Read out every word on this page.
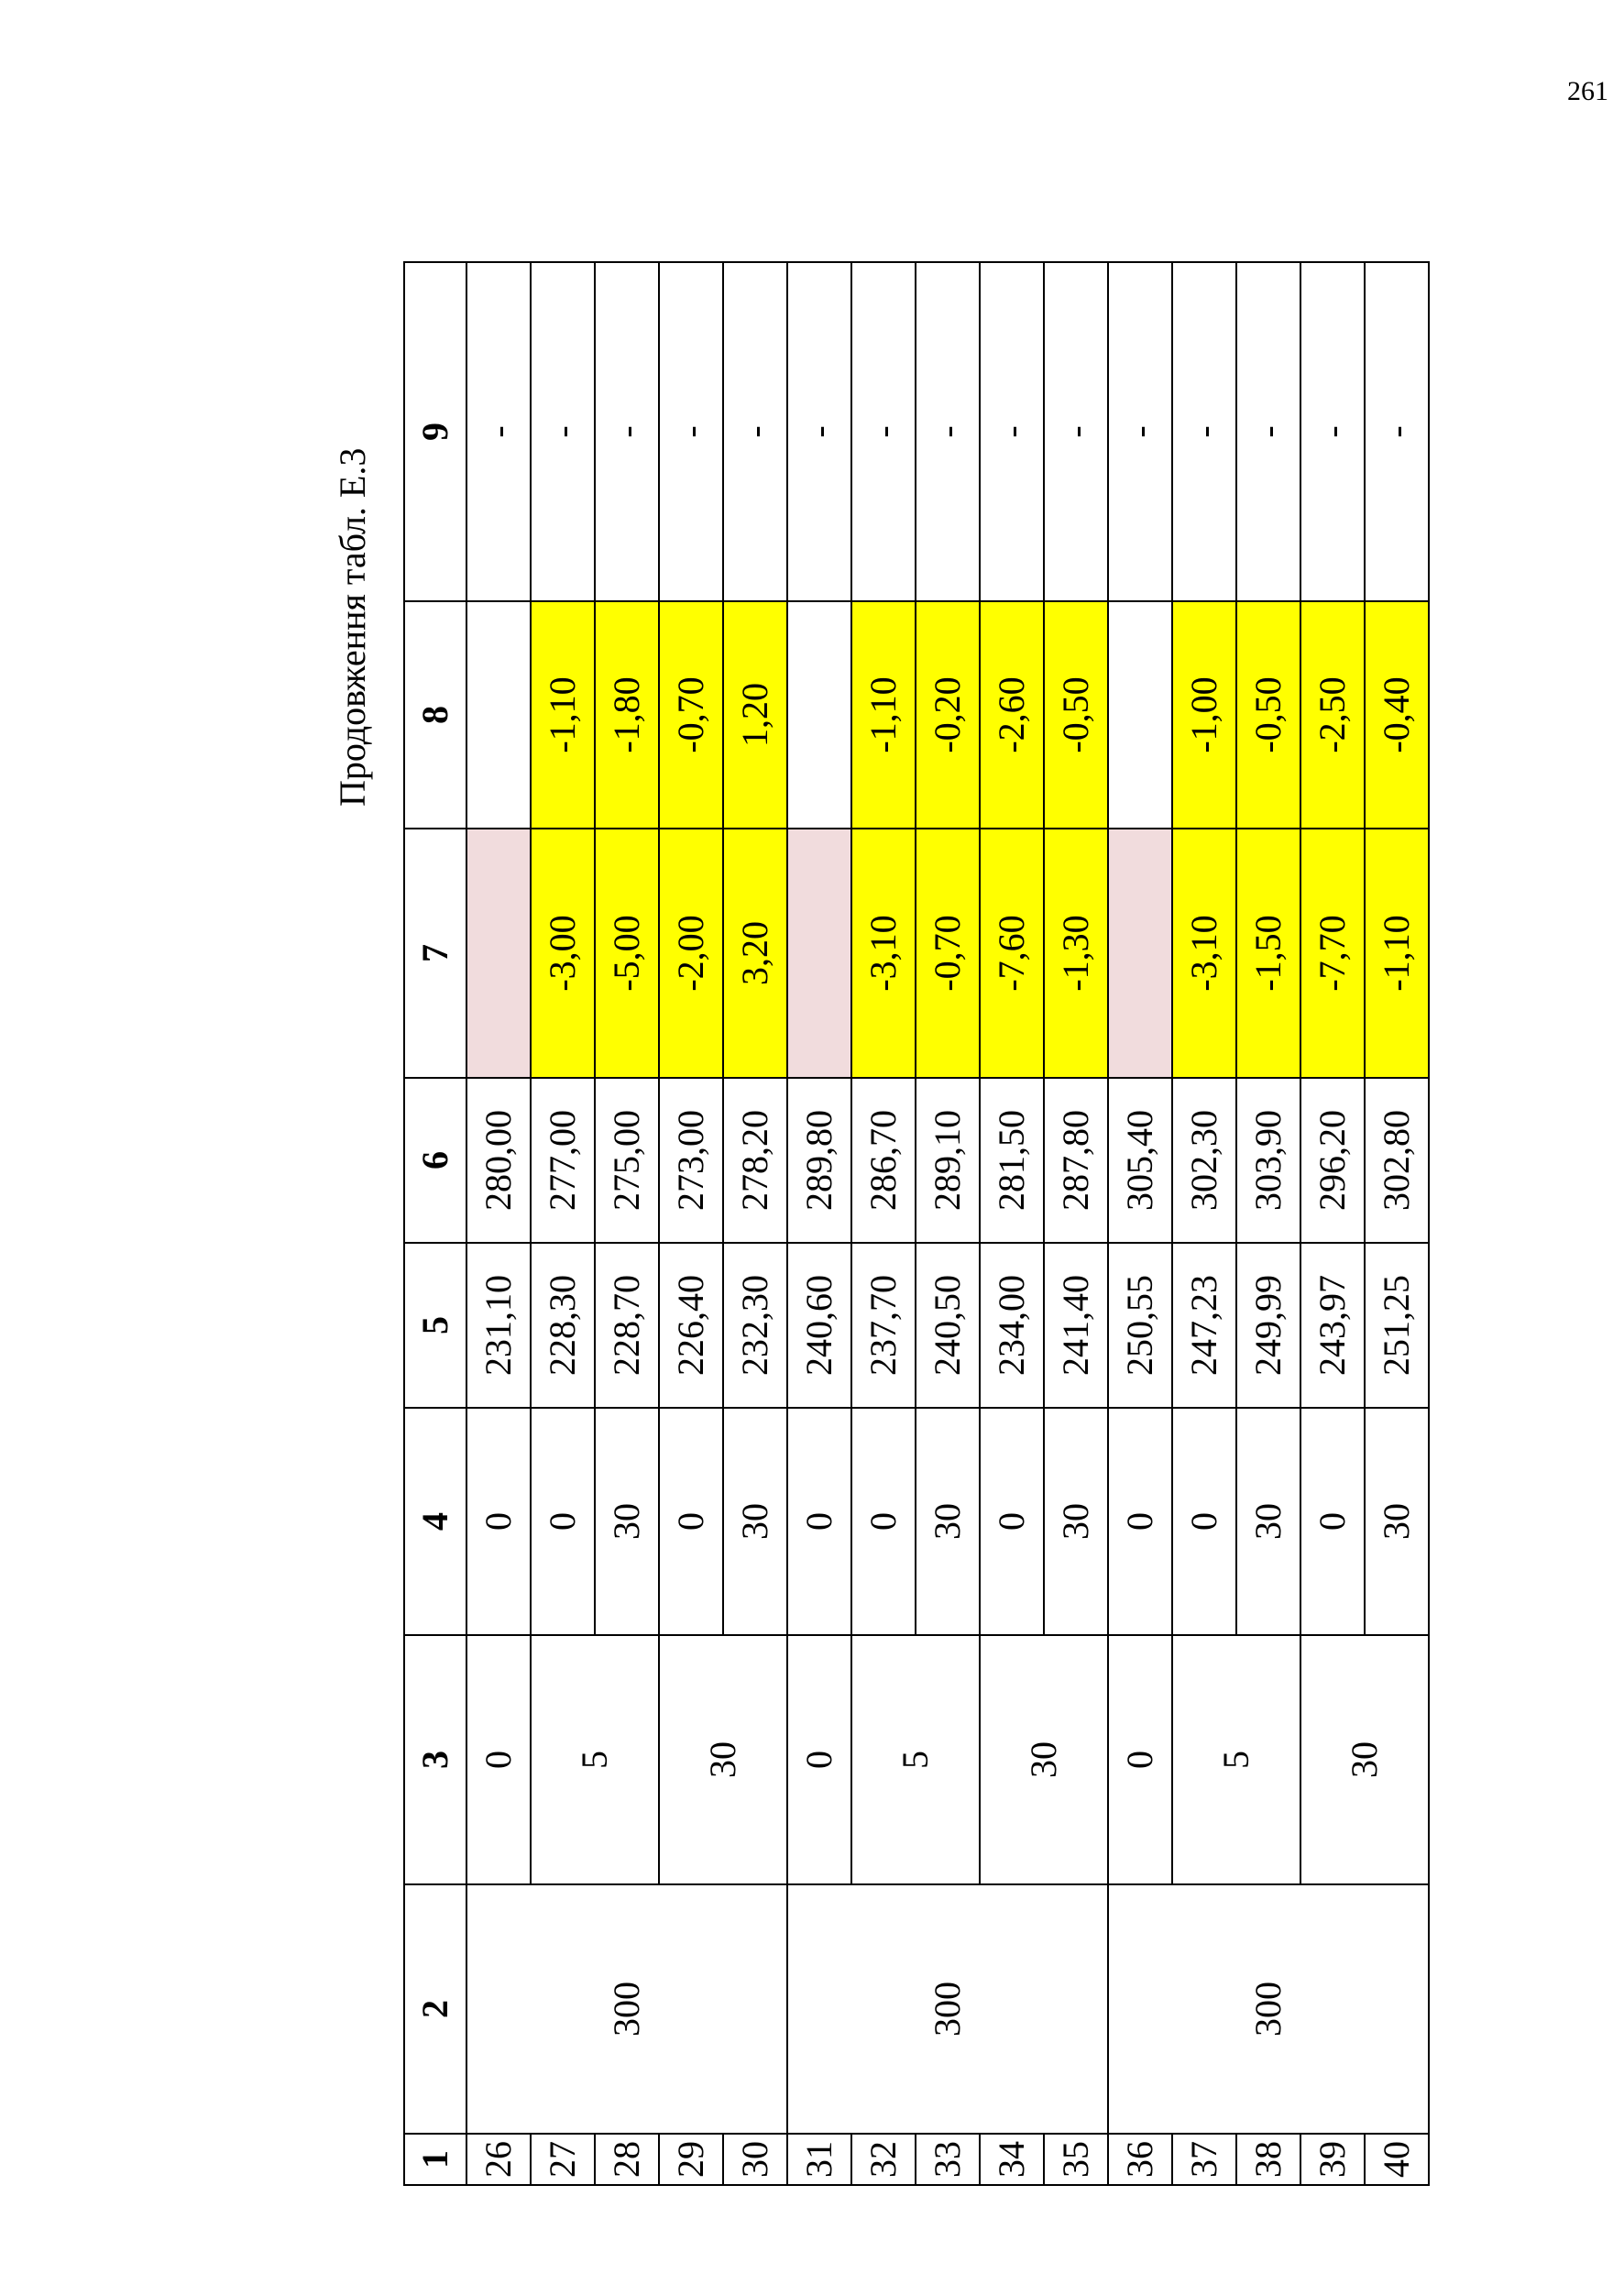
261
Продовження табл. Е.3
1	2	3	4	5	6	7	8	9
26	300	0	0	231,10	280,00			-
27		5	0	228,30	277,00	-3,00	-1,10	-
28			30	228,70	275,00	-5,00	-1,80	-
29		30	0	226,40	273,00	-2,00	-0,70	-
30			30	232,30	278,20	3,20	1,20	-
31	300	0	0	240,60	289,80			-
32		5	0	237,70	286,70	-3,10	-1,10	-
33			30	240,50	289,10	-0,70	-0,20	-
34		30	0	234,00	281,50	-7,60	-2,60	-
35			30	241,40	287,80	-1,30	-0,50	-
36	300	0	0	250,55	305,40			-
37		5	0	247,23	302,30	-3,10	-1,00	-
38			30	249,99	303,90	-1,50	-0,50	-
39		30	0	243,97	296,20	-7,70	-2,50	-
40			30	251,25	302,80	-1,10	-0,40	-
